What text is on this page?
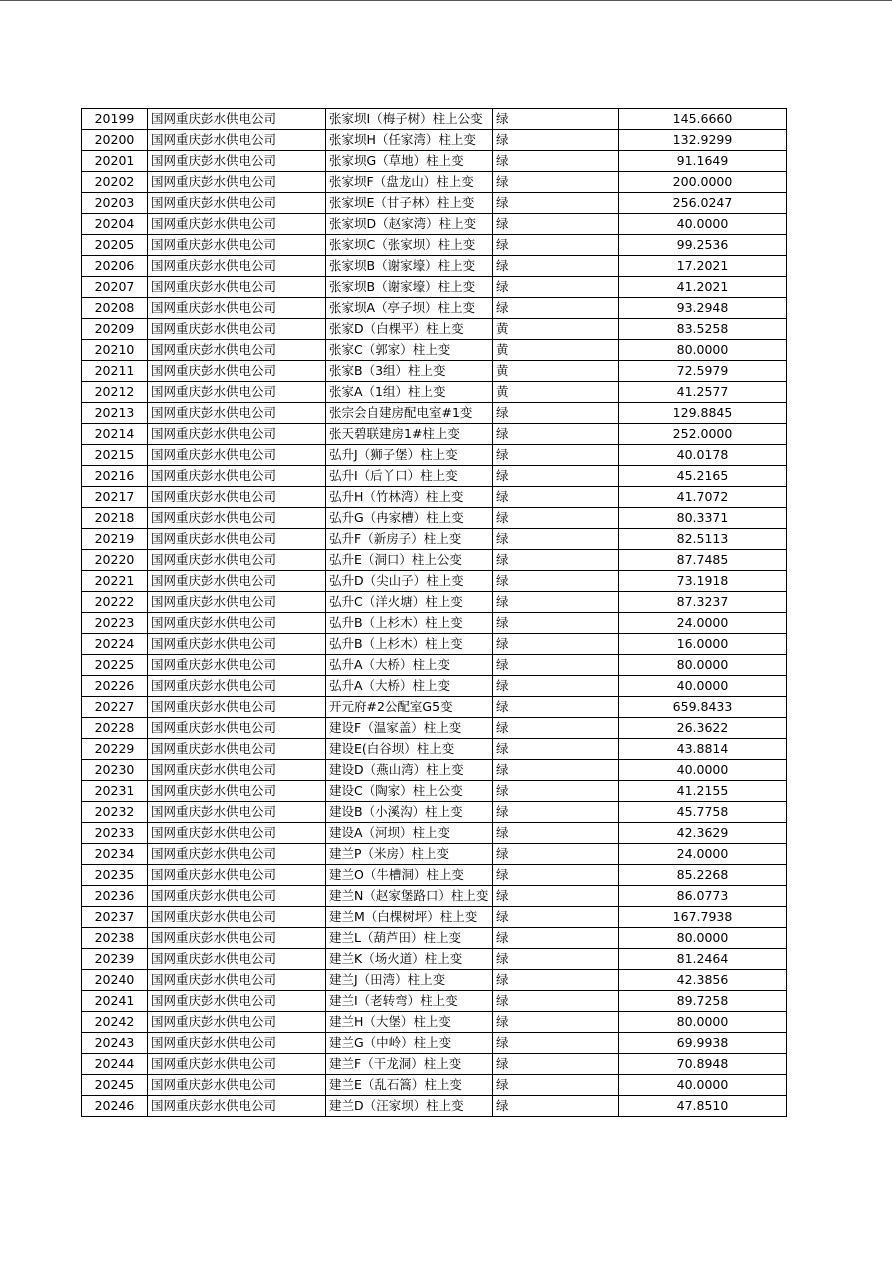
20199	国网重庆彭水供电公司	张家坝I（梅子树）柱上公变	绿	145.6660
20200	国网重庆彭水供电公司	张家坝H（任家湾）柱上变	绿	132.9299
20201	国网重庆彭水供电公司	张家坝G（草地）柱上变	绿	91.1649
20202	国网重庆彭水供电公司	张家坝F（盘龙山）柱上变	绿	200.0000
20203	国网重庆彭水供电公司	张家坝E（甘子林）柱上变	绿	256.0247
20204	国网重庆彭水供电公司	张家坝D（赵家湾）柱上变	绿	40.0000
20205	国网重庆彭水供电公司	张家坝C（张家坝）柱上变	绿	99.2536
20206	国网重庆彭水供电公司	张家坝B（谢家壕）柱上变	绿	17.2021
20207	国网重庆彭水供电公司	张家坝B（谢家壕）柱上变	绿	41.2021
20208	国网重庆彭水供电公司	张家坝A（亭子坝）柱上变	绿	93.2948
20209	国网重庆彭水供电公司	张家D（白棵平）柱上变	黄	83.5258
20210	国网重庆彭水供电公司	张家C（郭家）柱上变	黄	80.0000
20211	国网重庆彭水供电公司	张家B（3组）柱上变	黄	72.5979
20212	国网重庆彭水供电公司	张家A（1组）柱上变	黄	41.2577
20213	国网重庆彭水供电公司	张宗会自建房配电室#1变	绿	129.8845
20214	国网重庆彭水供电公司	张天碧联建房1#柱上变	绿	252.0000
20215	国网重庆彭水供电公司	弘升J（狮子堡）柱上变	绿	40.0178
20216	国网重庆彭水供电公司	弘升I（后丫口）柱上变	绿	45.2165
20217	国网重庆彭水供电公司	弘升H（竹林湾）柱上变	绿	41.7072
20218	国网重庆彭水供电公司	弘升G（冉家槽）柱上变	绿	80.3371
20219	国网重庆彭水供电公司	弘升F（新房子）柱上变	绿	82.5113
20220	国网重庆彭水供电公司	弘升E（洞口）柱上公变	绿	87.7485
20221	国网重庆彭水供电公司	弘升D（尖山子）柱上变	绿	73.1918
20222	国网重庆彭水供电公司	弘升C（洋火塘）柱上变	绿	87.3237
20223	国网重庆彭水供电公司	弘升B（上杉木）柱上变	绿	24.0000
20224	国网重庆彭水供电公司	弘升B（上杉木）柱上变	绿	16.0000
20225	国网重庆彭水供电公司	弘升A（大桥）柱上变	绿	80.0000
20226	国网重庆彭水供电公司	弘升A（大桥）柱上变	绿	40.0000
20227	国网重庆彭水供电公司	开元府#2公配室G5变	绿	659.8433
20228	国网重庆彭水供电公司	建设F（温家盖）柱上变	绿	26.3622
20229	国网重庆彭水供电公司	建设E(白谷坝）柱上变	绿	43.8814
20230	国网重庆彭水供电公司	建设D（燕山湾）柱上变	绿	40.0000
20231	国网重庆彭水供电公司	建设C（陶家）柱上公变	绿	41.2155
20232	国网重庆彭水供电公司	建设B（小溪沟）柱上变	绿	45.7758
20233	国网重庆彭水供电公司	建设A（河坝）柱上变	绿	42.3629
20234	国网重庆彭水供电公司	建兰P（米房）柱上变	绿	24.0000
20235	国网重庆彭水供电公司	建兰O（牛槽洞）柱上变	绿	85.2268
20236	国网重庆彭水供电公司	建兰N（赵家堡路口）柱上变	绿	86.0773
20237	国网重庆彭水供电公司	建兰M（白棵树坪）柱上变	绿	167.7938
20238	国网重庆彭水供电公司	建兰L（葫芦田）柱上变	绿	80.0000
20239	国网重庆彭水供电公司	建兰K（场火道）柱上变	绿	81.2464
20240	国网重庆彭水供电公司	建兰J（田湾）柱上变	绿	42.3856
20241	国网重庆彭水供电公司	建兰I（老转弯）柱上变	绿	89.7258
20242	国网重庆彭水供电公司	建兰H（大堡）柱上变	绿	80.0000
20243	国网重庆彭水供电公司	建兰G（中岭）柱上变	绿	69.9938
20244	国网重庆彭水供电公司	建兰F（干龙洞）柱上变	绿	70.8948
20245	国网重庆彭水供电公司	建兰E（乱石篙）柱上变	绿	40.0000
20246	国网重庆彭水供电公司	建兰D（汪家坝）柱上变	绿	47.8510
